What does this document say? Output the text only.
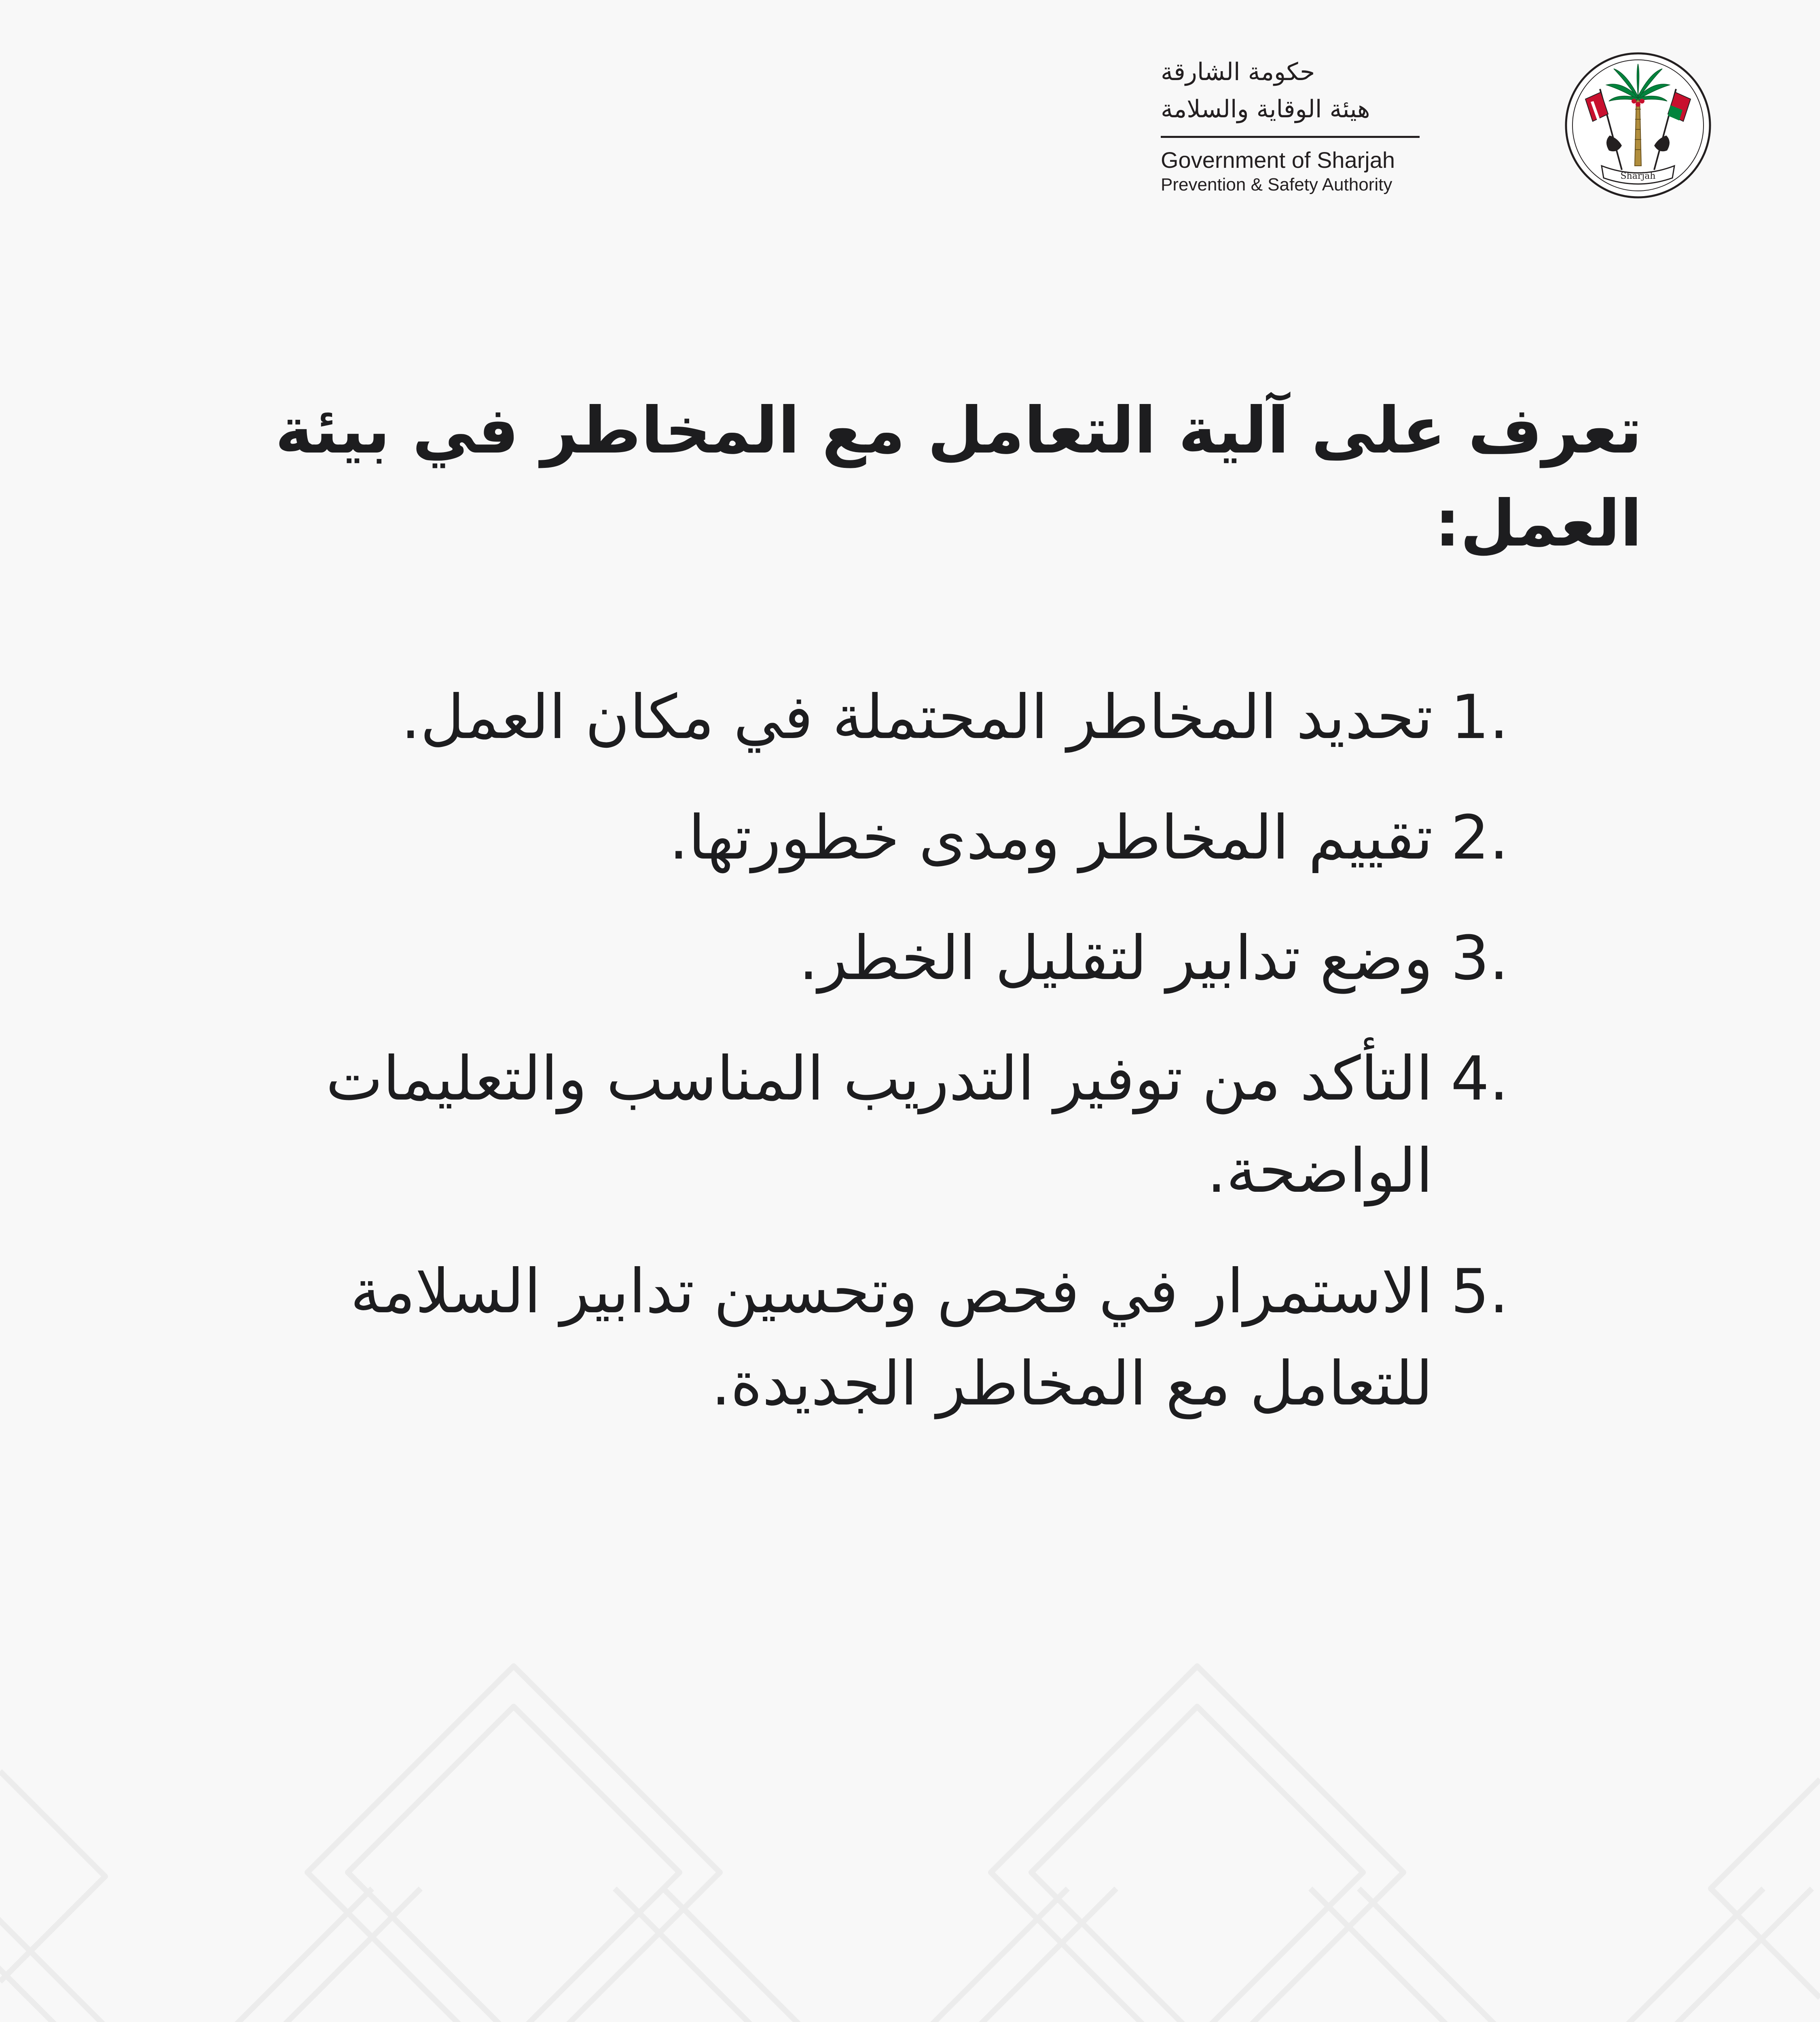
حكومة الشارقة
هيئة الوقاية والسلامة
Government of Sharjah
Prevention & Safety Authority	Sharjah
تعرف على آلية التعامل مع المخاطر في بيئة
العمل:
1.
تحديد المخاطر المحتملة في مكان العمل.
2.
تقييم المخاطر ومدى خطورتها.
3.
وضع تدابير لتقليل الخطر.
4.
التأكد من توفير التدريب المناسب والتعليمات الواضحة.
5.
الاستمرار في فحص وتحسين تدابير السلامة للتعامل مع المخاطر الجديدة.
